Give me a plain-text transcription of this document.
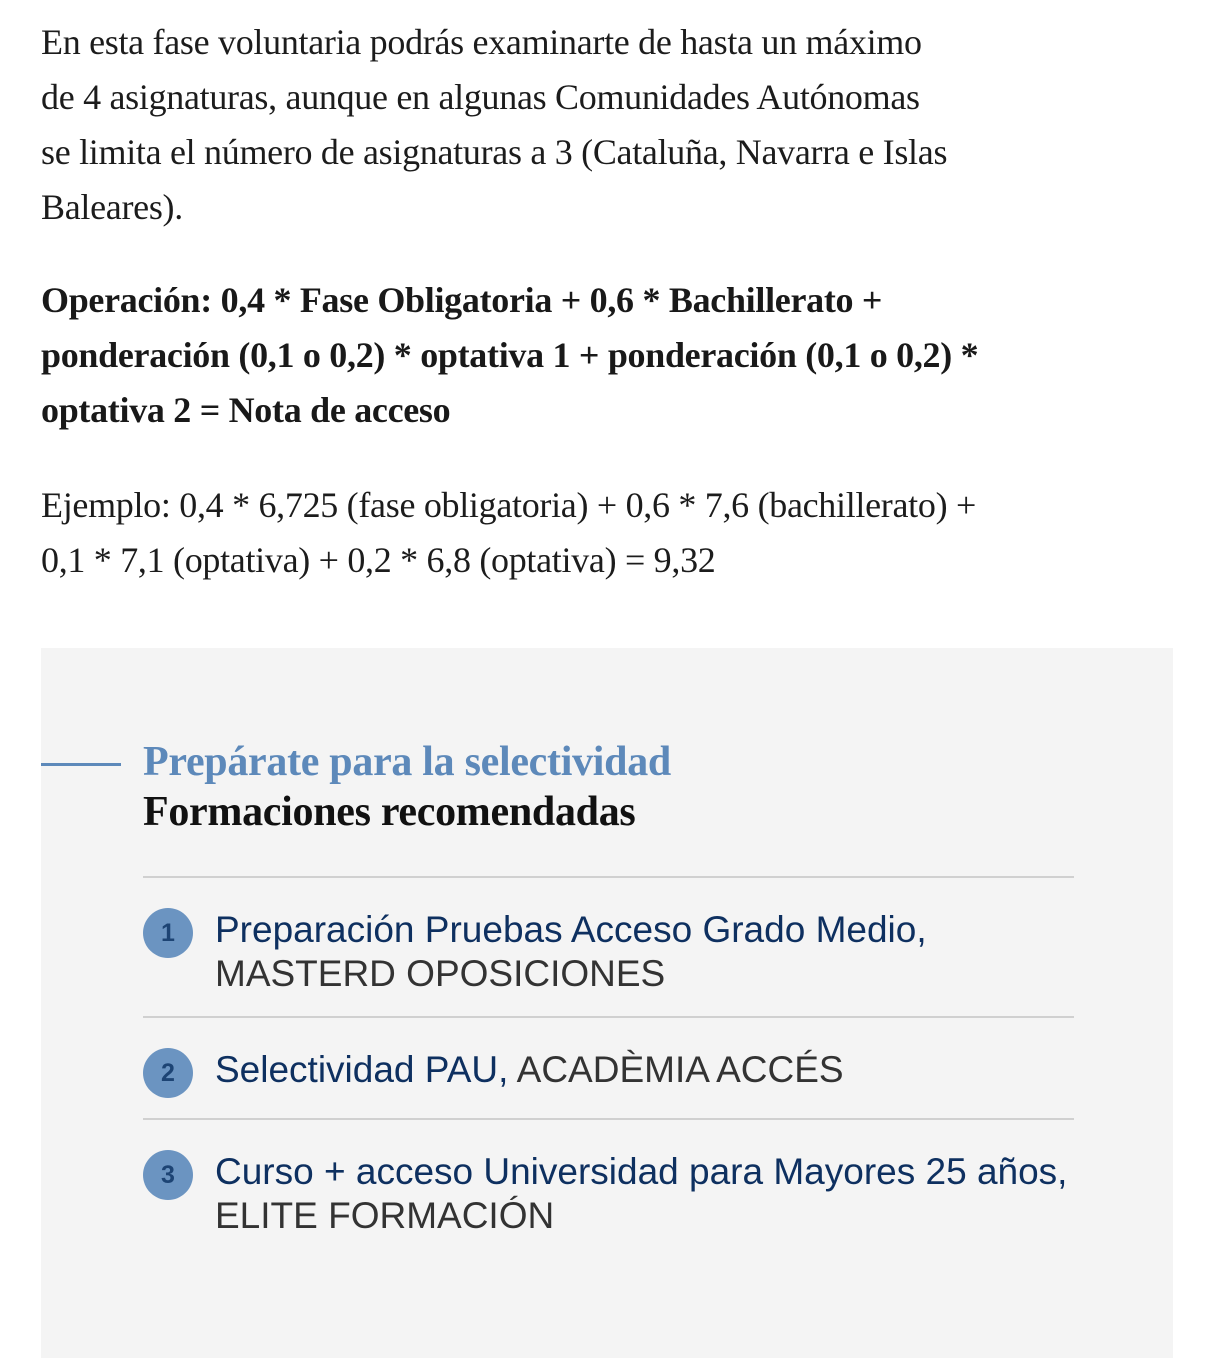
En esta fase voluntaria podrás examinarte de hasta un máximo
de 4 asignaturas, aunque en algunas Comunidades Autónomas
se limita el número de asignaturas a 3 (Cataluña, Navarra e Islas
Baleares).

Operación: 0,4 * Fase Obligatoria + 0,6 * Bachillerato +
ponderación (0,1 o 0,2) * optativa 1 + ponderación (0,1 o 0,2) *
optativa 2 = Nota de acceso

Ejemplo: 0,4 * 6,725 (fase obligatoria) + 0,6 * 7,6 (bachillerato) +
0,1 * 7,1 (optativa) + 0,2 * 6,8 (optativa) = 9,32

Prepárate para la selectividad
Formaciones recomendadas
1	Preparación Pruebas Acceso Grado Medio,
MASTERD OPOSICIONES
2	Selectividad PAU, ACADÈMIA ACCÉS
3	Curso + acceso Universidad para Mayores 25 años,
ELITE FORMACIÓN
